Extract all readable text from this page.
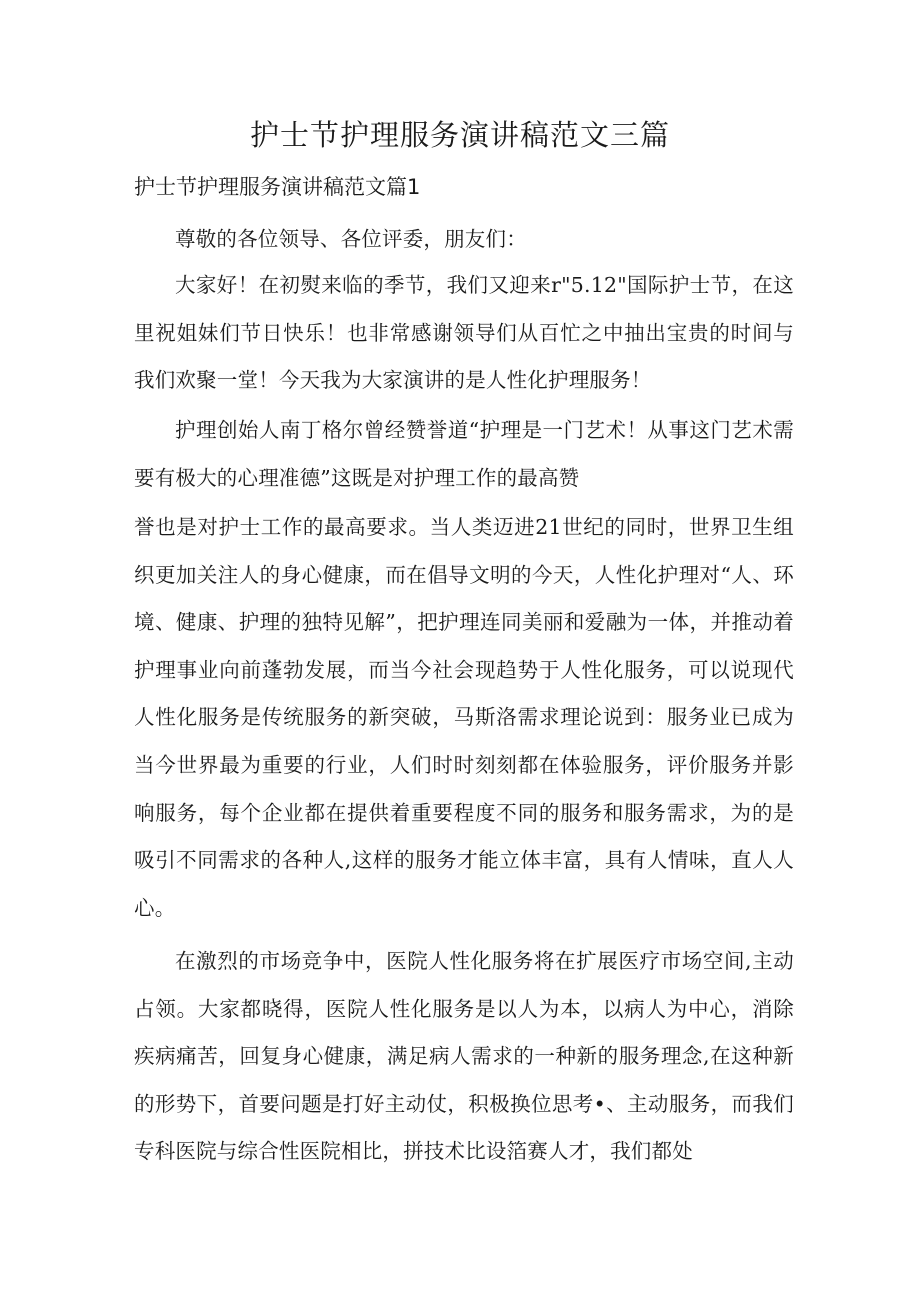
护士节护理服务演讲稿范文三篇
护士节护理服务演讲稿范文篇1

尊敬的各位领导、各位评委，朋友们：

大家好！在初熨来临的季节，我们又迎来r"5.12"国际护士节，在这里祝姐妹们节日快乐！也非常感谢领导们从百忙之中抽出宝贵的时间与我们欢聚一堂！今天我为大家演讲的是人性化护理服务！

护理创始人南丁格尔曾经赞誉道“护理是一门艺术！从事这门艺术需要有极大的心理准德”这既是对护理工作的最高赞

誉也是对护士工作的最高要求。当人类迈进21世纪的同时，世界卫生组织更加关注人的身心健康，而在倡导文明的今天，人性化护理对“人、环境、健康、护理的独特见解”，把护理连同美丽和爱融为一体，并推动着护理事业向前蓬勃发展，而当今社会现趋势于人性化服务，可以说现代人性化服务是传统服务的新突破，马斯洛需求理论说到：服务业已成为当今世界最为重要的行业，人们时时刻刻都在体验服务，评价服务并影响服务，每个企业都在提供着重要程度不同的服务和服务需求，为的是吸引不同需求的各种人,这样的服务才能立体丰富，具有人情味，直人人心。

在激烈的市场竞争中，医院人性化服务将在扩展医疗市场空间,主动占领。大家都晓得，医院人性化服务是以人为本，以病人为中心，消除疾病痛苦，回复身心健康，满足病人需求的一种新的服务理念,在这种新的形势下，首要问题是打好主动仗，积极换位思考•、主动服务，而我们专科医院与综合性医院相比，拼技术比设箔赛人才，我们都处
